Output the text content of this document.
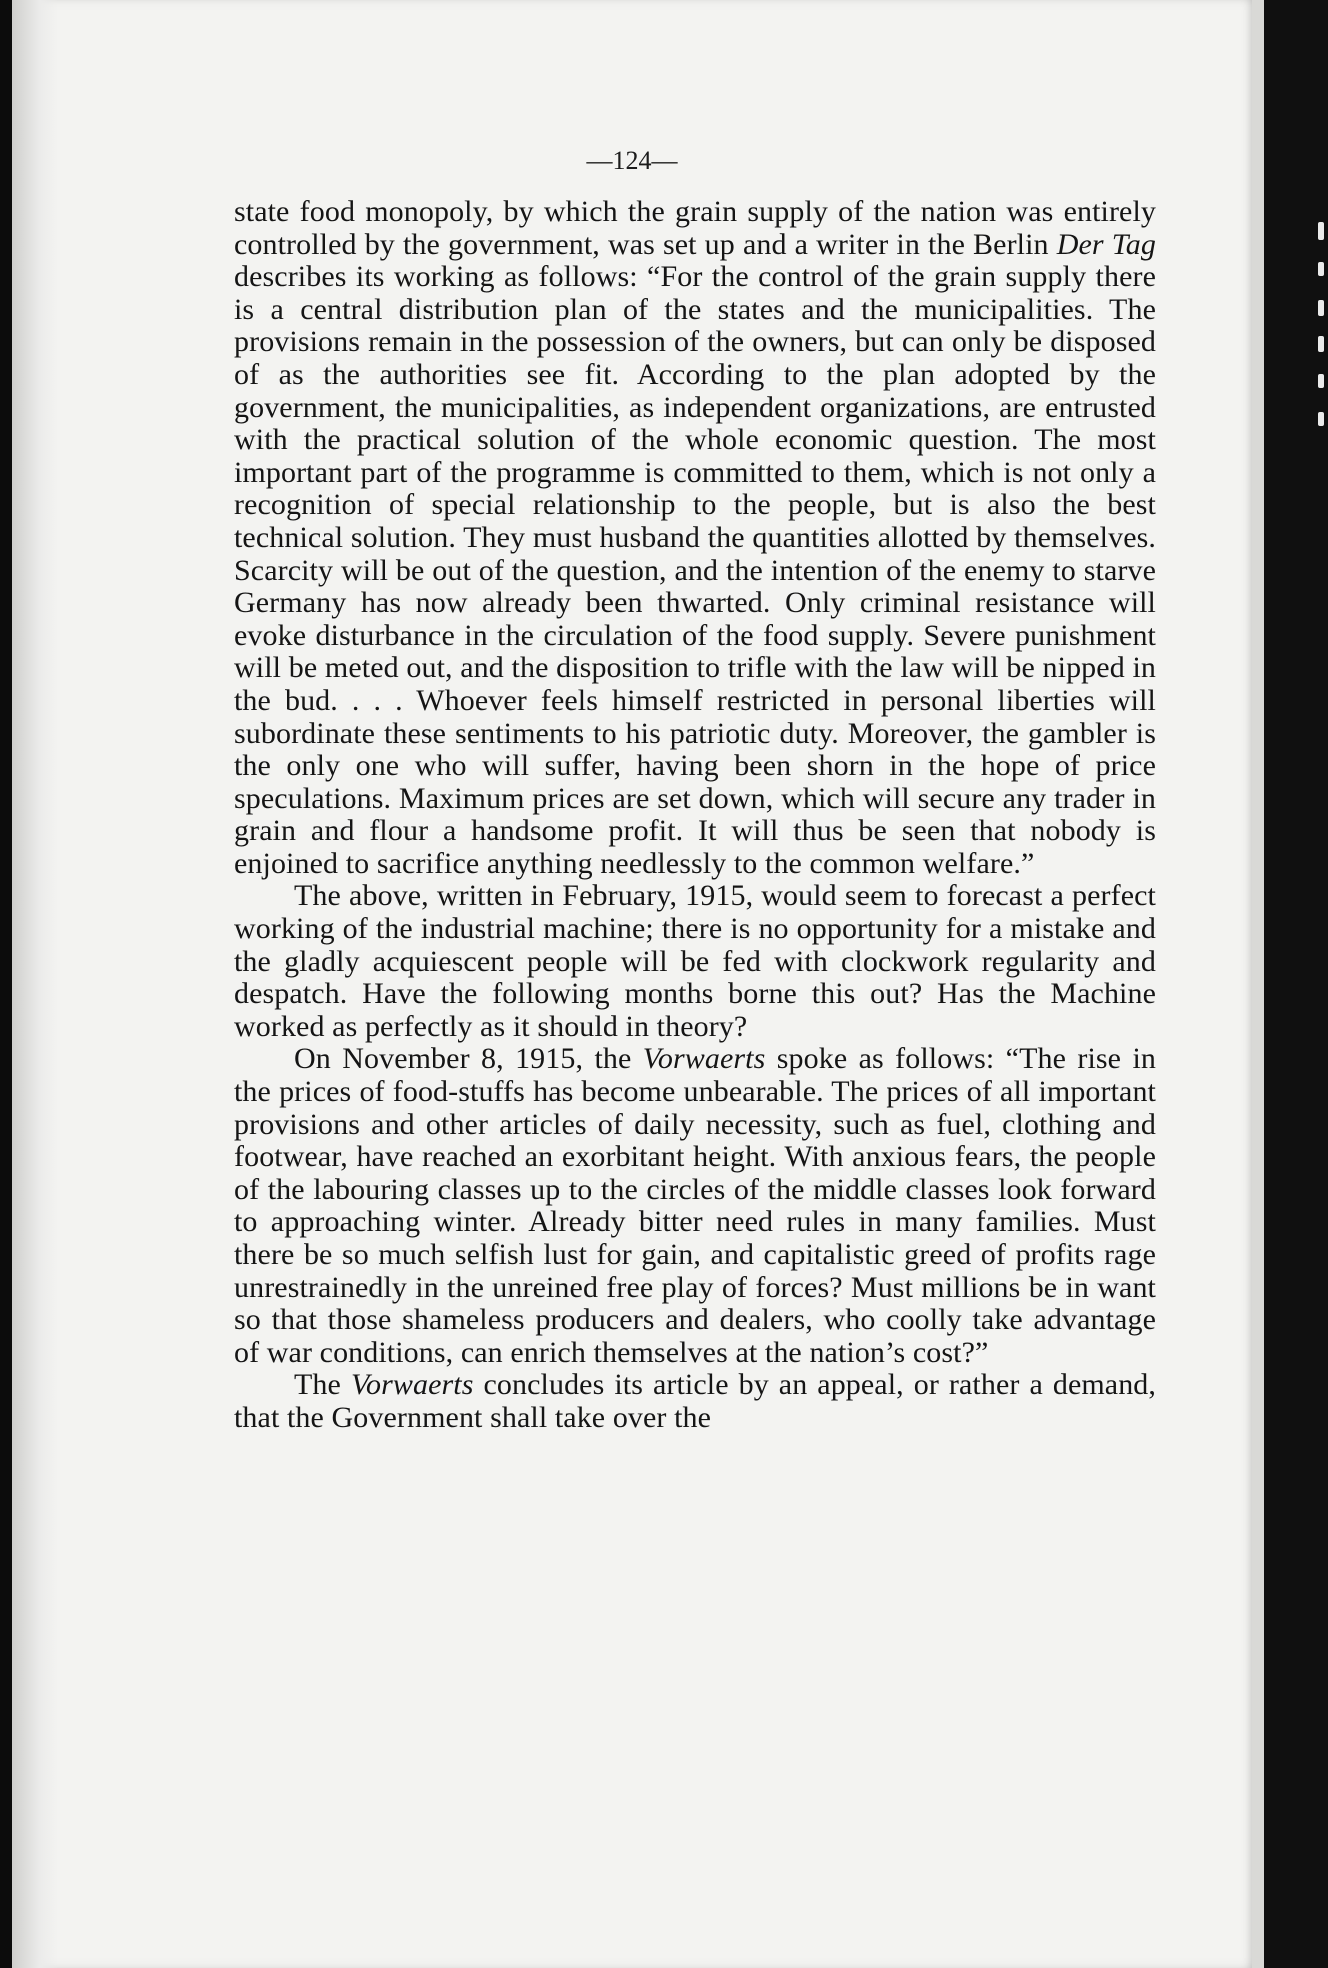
—124—

state food monopoly, by which the grain supply of the nation was entirely controlled by the government, was set up and a writer in the Berlin Der Tag describes its working as follows: “For the control of the grain supply there is a central distribution plan of the states and the municipalities. The provisions remain in the possession of the owners, but can only be disposed of as the authorities see fit. According to the plan adopted by the government, the municipalities, as independent organizations, are entrusted with the practical solution of the whole economic question. The most important part of the programme is committed to them, which is not only a recognition of special relationship to the people, but is also the best technical solution. They must husband the quantities allotted by themselves. Scarcity will be out of the question, and the intention of the enemy to starve Germany has now already been thwarted. Only criminal resistance will evoke disturbance in the circulation of the food supply. Severe punishment will be meted out, and the disposition to trifle with the law will be nipped in the bud. . . . Whoever feels himself restricted in personal liberties will subordinate these sentiments to his patriotic duty. Moreover, the gambler is the only one who will suffer, having been shorn in the hope of price speculations. Maximum prices are set down, which will secure any trader in grain and flour a handsome profit. It will thus be seen that nobody is enjoined to sacrifice anything needlessly to the common welfare.”

The above, written in February, 1915, would seem to forecast a perfect working of the industrial machine; there is no opportunity for a mistake and the gladly acquiescent people will be fed with clockwork regularity and despatch. Have the following months borne this out? Has the Machine worked as perfectly as it should in theory?

On November 8, 1915, the Vorwaerts spoke as follows: “The rise in the prices of food-stuffs has become unbearable. The prices of all important provisions and other articles of daily necessity, such as fuel, clothing and footwear, have reached an exorbitant height. With anxious fears, the people of the labouring classes up to the circles of the middle classes look forward to approaching winter. Already bitter need rules in many families. Must there be so much selfish lust for gain, and capitalistic greed of profits rage unrestrainedly in the unreined free play of forces? Must millions be in want so that those shameless producers and dealers, who coolly take advantage of war conditions, can enrich themselves at the nation’s cost?”

The Vorwaerts concludes its article by an appeal, or rather a demand, that the Government shall take over the
